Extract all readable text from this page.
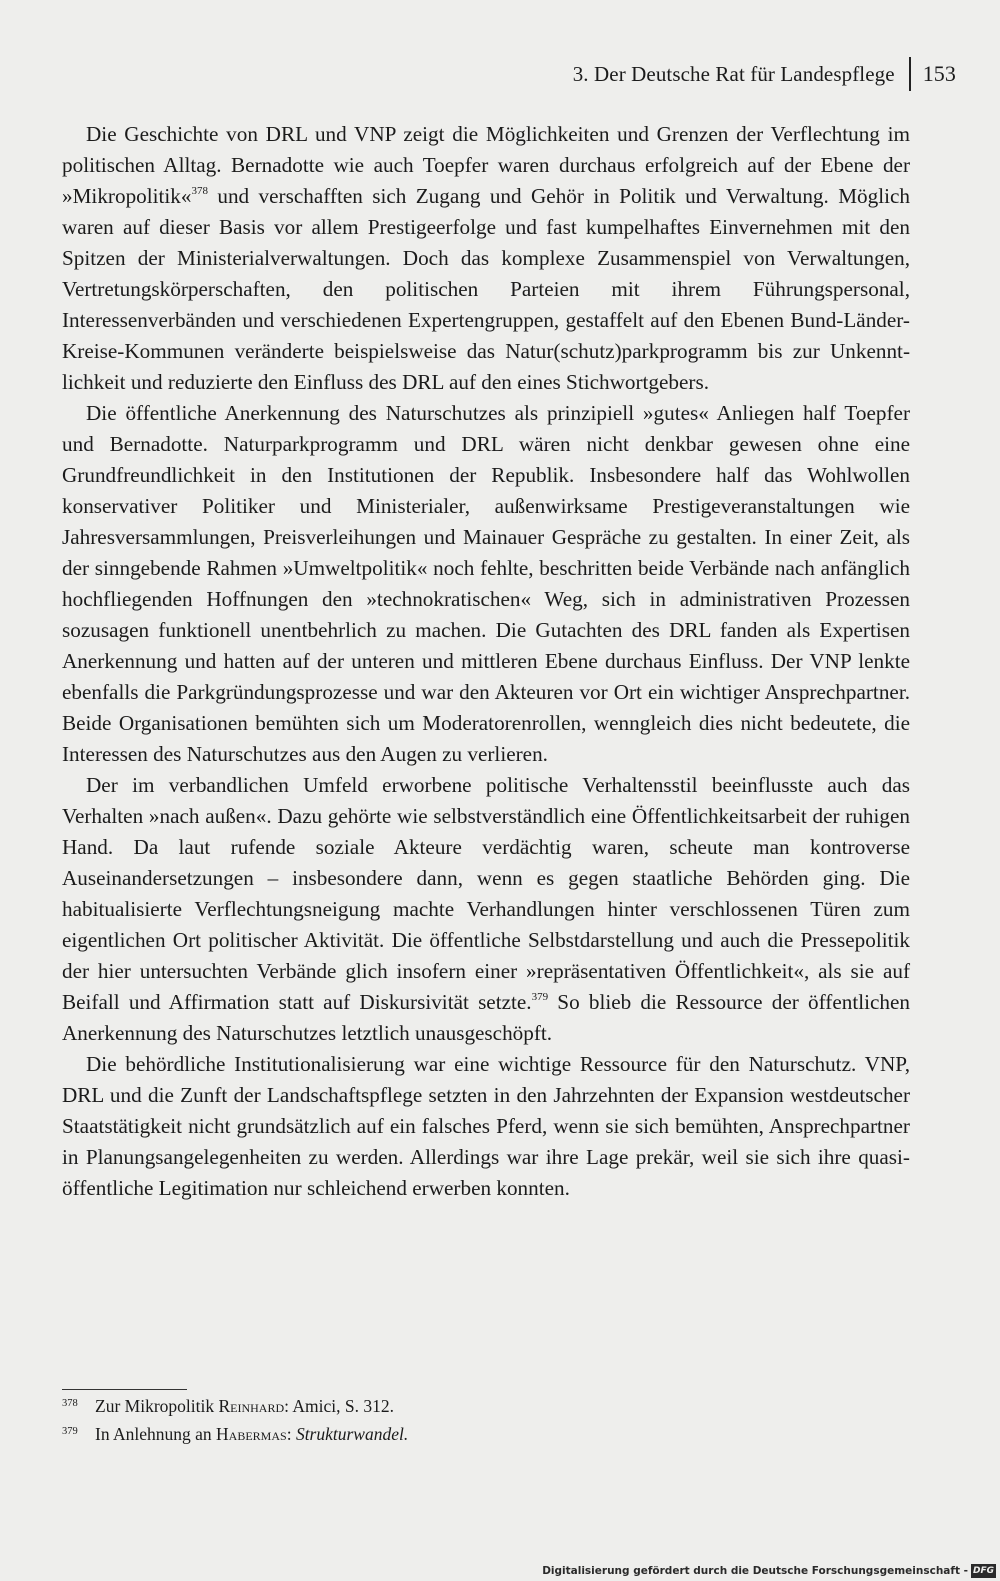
3. Der Deutsche Rat für Landespflege 153

Die Geschichte von DRL und VNP zeigt die Möglichkeiten und Grenzen der Verflechtung im politischen Alltag. Bernadotte wie auch Toepfer waren durchaus erfolgreich auf der Ebene der »Mikropolitik«$^{378}$ und verschafften sich Zugang und Gehör in Politik und Verwaltung. Möglich waren auf dieser Basis vor allem Prestigeerfolge und fast kumpelhaftes Einvernehmen mit den Spitzen der Ministerialverwaltungen. Doch das komplexe Zusammenspiel von Verwaltungen, Vertretungskörperschaften, den politischen Parteien mit ihrem Führungspersonal, Interessenverbänden und verschiedenen Expertengruppen, gestaffelt auf den Ebenen Bund-Länder-Kreise-Kommunen veränderte beispielsweise das Natur(schutz)parkprogramm bis zur Unkenntlichkeit und reduzierte den Einfluss des DRL auf den eines Stichwortgebers.

Die öffentliche Anerkennung des Naturschutzes als prinzipiell »gutes« Anliegen half Toepfer und Bernadotte. Naturparkprogramm und DRL wären nicht denkbar gewesen ohne eine Grundfreundlichkeit in den Institutionen der Republik. Insbesondere half das Wohlwollen konservativer Politiker und Ministerialer, außenwirksame Prestigeveranstaltungen wie Jahresversammlungen, Preisverleihungen und Mainauer Gespräche zu gestalten. In einer Zeit, als der sinngebende Rahmen »Umweltpolitik« noch fehlte, beschritten beide Verbände nach anfänglich hochfliegenden Hoffnungen den »technokratischen« Weg, sich in administrativen Prozessen sozusagen funktionell unentbehrlich zu machen. Die Gutachten des DRL fanden als Expertisen Anerkennung und hatten auf der unteren und mittleren Ebene durchaus Einfluss. Der VNP lenkte ebenfalls die Parkgründungsprozesse und war den Akteuren vor Ort ein wichtiger Ansprechpartner. Beide Organisationen bemühten sich um Moderatorenrollen, wenngleich dies nicht bedeutete, die Interessen des Naturschutzes aus den Augen zu verlieren.

Der im verbandlichen Umfeld erworbene politische Verhaltensstil beeinflusste auch das Verhalten »nach außen«. Dazu gehörte wie selbstverständlich eine Öffentlichkeitsarbeit der ruhigen Hand. Da laut rufende soziale Akteure verdächtig waren, scheute man kontroverse Auseinandersetzungen – insbesondere dann, wenn es gegen staatliche Behörden ging. Die habitualisierte Verflechtungsneigung machte Verhandlungen hinter verschlossenen Türen zum eigentlichen Ort politischer Aktivität. Die öffentliche Selbstdarstellung und auch die Pressepolitik der hier untersuchten Verbände glich insofern einer »repräsentativen Öffentlichkeit«, als sie auf Beifall und Affirmation statt auf Diskursivität setzte.$^{379}$ So blieb die Ressource der öffentlichen Anerkennung des Naturschutzes letztlich unausgeschöpft.

Die behördliche Institutionalisierung war eine wichtige Ressource für den Naturschutz. VNP, DRL und die Zunft der Landschaftspflege setzten in den Jahrzehnten der Expansion westdeutscher Staatstätigkeit nicht grundsätzlich auf ein falsches Pferd, wenn sie sich bemühten, Ansprechpartner in Planungsangelegenheiten zu werden. Allerdings war ihre Lage prekär, weil sie sich ihre quasi-öffentliche Legitimation nur schleichend erwerben konnten.

378 Zur Mikropolitik Reinhard: Amici, S. 312.
379 In Anlehnung an Habermas: Strukturwandel.
Digitalisierung gefördert durch die Deutsche Forschungsgemeinschaft - DFG
